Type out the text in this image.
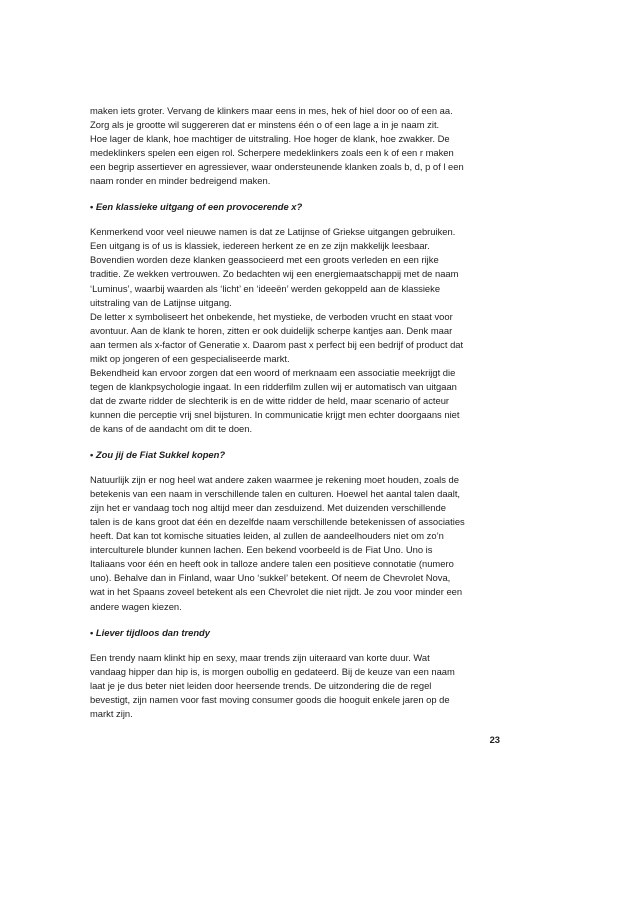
maken iets groter. Vervang de klinkers maar eens in mes, hek of hiel door oo of een aa.
Zorg als je grootte wil suggereren dat er minstens één o of een lage a in je naam zit.
Hoe lager de klank, hoe machtiger de uitstraling. Hoe hoger de klank, hoe zwakker. De
medeklinkers spelen een eigen rol. Scherpere medeklinkers zoals een k of een r maken
een begrip assertiever en agressiever, waar ondersteunende klanken zoals b, d, p of l een
naam ronder en minder bedreigend maken.

• Een klassieke uitgang of een provocerende x?

Kenmerkend voor veel nieuwe namen is dat ze Latijnse of Griekse uitgangen gebruiken.
Een uitgang is of us is klassiek, iedereen herkent ze en ze zijn makkelijk leesbaar.
Bovendien worden deze klanken geassocieerd met een groots verleden en een rijke
traditie. Ze wekken vertrouwen. Zo bedachten wij een energiemaatschappij met de naam
‘Luminus’, waarbij waarden als ‘licht’ en ‘ideeën’ werden gekoppeld aan de klassieke
uitstraling van de Latijnse uitgang.
De letter x symboliseert het onbekende, het mystieke, de verboden vrucht en staat voor
avontuur. Aan de klank te horen, zitten er ook duidelijk scherpe kantjes aan. Denk maar
aan termen als x-factor of Generatie x. Daarom past x perfect bij een bedrijf of product dat
mikt op jongeren of een gespecialiseerde markt.
Bekendheid kan ervoor zorgen dat een woord of merknaam een associatie meekrijgt die
tegen de klankpsychologie ingaat. In een ridderfilm zullen wij er automatisch van uitgaan
dat de zwarte ridder de slechterik is en de witte ridder de held, maar scenario of acteur
kunnen die perceptie vrij snel bijsturen. In communicatie krijgt men echter doorgaans niet
de kans of de aandacht om dit te doen.

• Zou jij de Fiat Sukkel kopen?

Natuurlijk zijn er nog heel wat andere zaken waarmee je rekening moet houden, zoals de
betekenis van een naam in verschillende talen en culturen. Hoewel het aantal talen daalt,
zijn het er vandaag toch nog altijd meer dan zesduizend. Met duizenden verschillende
talen is de kans groot dat één en dezelfde naam verschillende betekenissen of associaties
heeft. Dat kan tot komische situaties leiden, al zullen de aandeelhouders niet om zo’n
interculturele blunder kunnen lachen. Een bekend voorbeeld is de Fiat Uno. Uno is
Italiaans voor één en heeft ook in talloze andere talen een positieve connotatie (numero
uno). Behalve dan in Finland, waar Uno ‘sukkel’ betekent. Of neem de Chevrolet Nova,
wat in het Spaans zoveel betekent als een Chevrolet die niet rijdt. Je zou voor minder een
andere wagen kiezen.

• Liever tijdloos dan trendy

Een trendy naam klinkt hip en sexy, maar trends zijn uiteraard van korte duur. Wat
vandaag hipper dan hip is, is morgen oubollig en gedateerd. Bij de keuze van een naam
laat je je dus beter niet leiden door heersende trends. De uitzondering die de regel
bevestigt, zijn namen voor fast moving consumer goods die hooguit enkele jaren op de
markt zijn.

23
